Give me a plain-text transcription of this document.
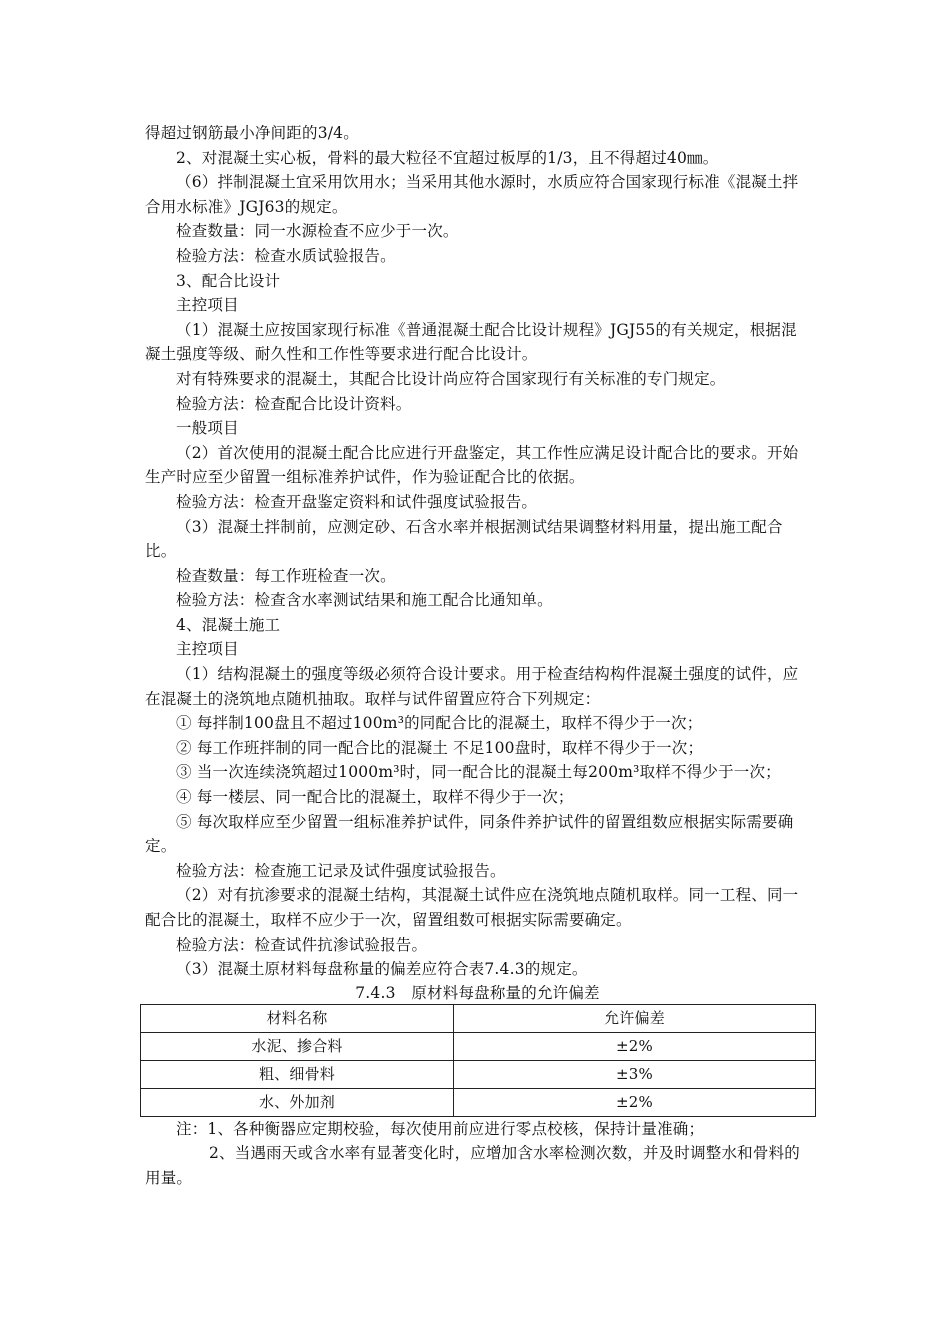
得超过钢筋最小净间距的3/4。

2、对混凝土实心板，骨料的最大粒径不宜超过板厚的1/3，且不得超过40㎜。

（6）拌制混凝土宜采用饮用水；当采用其他水源时，水质应符合国家现行标准《混凝土拌合用水标准》JGJ63的规定。

检查数量：同一水源检查不应少于一次。

检验方法：检查水质试验报告。

3、配合比设计

主控项目

（1）混凝土应按国家现行标准《普通混凝土配合比设计规程》JGJ55的有关规定，根据混凝土强度等级、耐久性和工作性等要求进行配合比设计。

对有特殊要求的混凝土，其配合比设计尚应符合国家现行有关标准的专门规定。

检验方法：检查配合比设计资料。

一般项目

（2）首次使用的混凝土配合比应进行开盘鉴定，其工作性应满足设计配合比的要求。开始生产时应至少留置一组标准养护试件，作为验证配合比的依据。

检验方法：检查开盘鉴定资料和试件强度试验报告。

（3）混凝土拌制前，应测定砂、石含水率并根据测试结果调整材料用量，提出施工配合比。

检查数量：每工作班检查一次。

检验方法：检查含水率测试结果和施工配合比通知单。

4、混凝土施工

主控项目

（1）结构混凝土的强度等级必须符合设计要求。用于检查结构构件混凝土强度的试件，应在混凝土的浇筑地点随机抽取。取样与试件留置应符合下列规定：

① 每拌制100盘且不超过100m³的同配合比的混凝土，取样不得少于一次；

② 每工作班拌制的同一配合比的混凝土 不足100盘时，取样不得少于一次；

③ 当一次连续浇筑超过1000m³时，同一配合比的混凝土每200m³取样不得少于一次；

④ 每一楼层、同一配合比的混凝土，取样不得少于一次；

⑤ 每次取样应至少留置一组标准养护试件，同条件养护试件的留置组数应根据实际需要确定。

检验方法：检查施工记录及试件强度试验报告。

（2）对有抗渗要求的混凝土结构，其混凝土试件应在浇筑地点随机取样。同一工程、同一配合比的混凝土，取样不应少于一次，留置组数可根据实际需要确定。

检验方法：检查试件抗渗试验报告。

（3）混凝土原材料每盘称量的偏差应符合表7.4.3的规定。

7.4.3　原材料每盘称量的允许偏差

材料名称	允许偏差
水泥、掺合料	±2%
粗、细骨料	±3%
水、外加剂	±2%

注：1、各种衡器应定期校验，每次使用前应进行零点校核，保持计量准确；

2、当遇雨天或含水率有显著变化时，应增加含水率检测次数，并及时调整水和骨料的用量。
